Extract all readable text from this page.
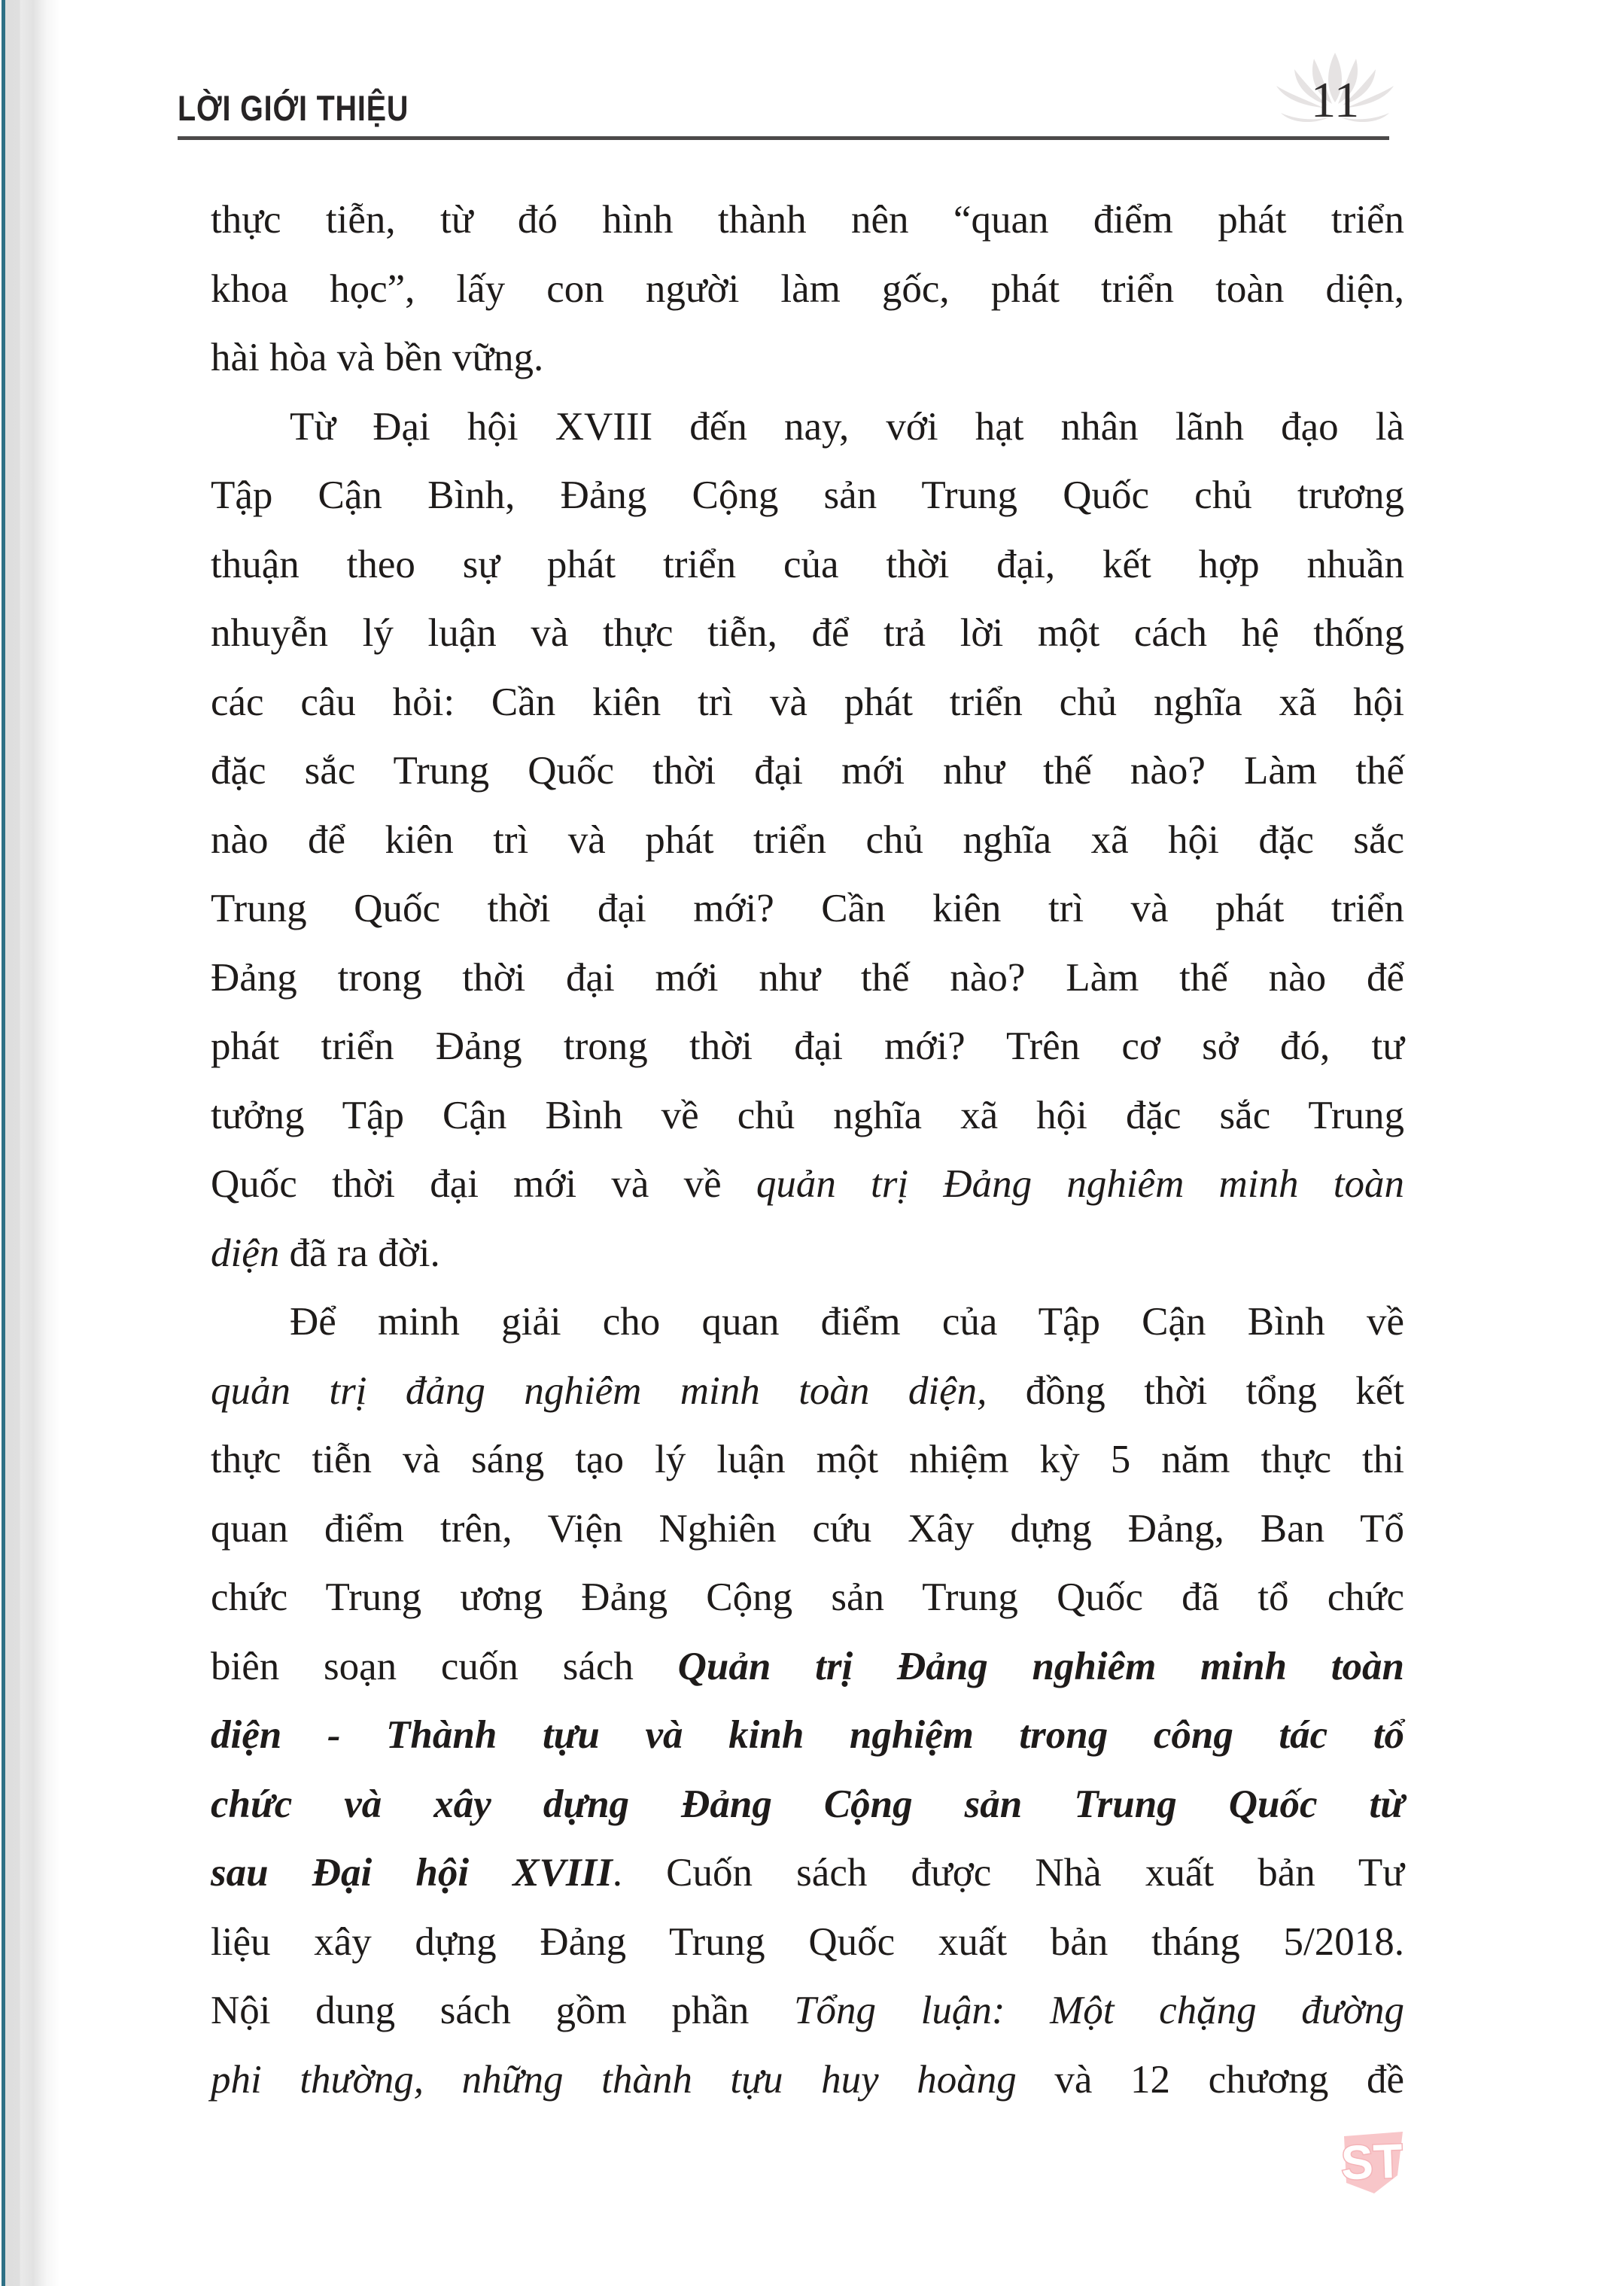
LỜI GIỚI THIỆU	11
thực tiễn, từ đó hình thành nên “quan điểm phát triển
khoa học”, lấy con người làm gốc, phát triển toàn diện,
hài hòa và bền vững.
Từ Đại hội XVIII đến nay, với hạt nhân lãnh đạo là
Tập Cận Bình, Đảng Cộng sản Trung Quốc chủ trương
thuận theo sự phát triển của thời đại, kết hợp nhuần
nhuyễn lý luận và thực tiễn, để trả lời một cách hệ thống
các câu hỏi: Cần kiên trì và phát triển chủ nghĩa xã hội
đặc sắc Trung Quốc thời đại mới như thế nào? Làm thế
nào để kiên trì và phát triển chủ nghĩa xã hội đặc sắc
Trung Quốc thời đại mới? Cần kiên trì và phát triển
Đảng trong thời đại mới như thế nào? Làm thế nào để
phát triển Đảng trong thời đại mới? Trên cơ sở đó, tư
tưởng Tập Cận Bình về chủ nghĩa xã hội đặc sắc Trung
Quốc thời đại mới và về quản trị Đảng nghiêm minh toàn
diện đã ra đời.
Để minh giải cho quan điểm của Tập Cận Bình về
quản trị đảng nghiêm minh toàn diện, đồng thời tổng kết
thực tiễn và sáng tạo lý luận một nhiệm kỳ 5 năm thực thi
quan điểm trên, Viện Nghiên cứu Xây dựng Đảng, Ban Tổ
chức Trung ương Đảng Cộng sản Trung Quốc đã tổ chức
biên soạn cuốn sách Quản trị Đảng nghiêm minh toàn
diện - Thành tựu và kinh nghiệm trong công tác tổ
chức và xây dựng Đảng Cộng sản Trung Quốc từ
sau Đại hội XVIII. Cuốn sách được Nhà xuất bản Tư
liệu xây dựng Đảng Trung Quốc xuất bản tháng 5/2018.
Nội dung sách gồm phần Tổng luận: Một chặng đường
phi thường, những thành tựu huy hoàng và 12 chương đề
ST
